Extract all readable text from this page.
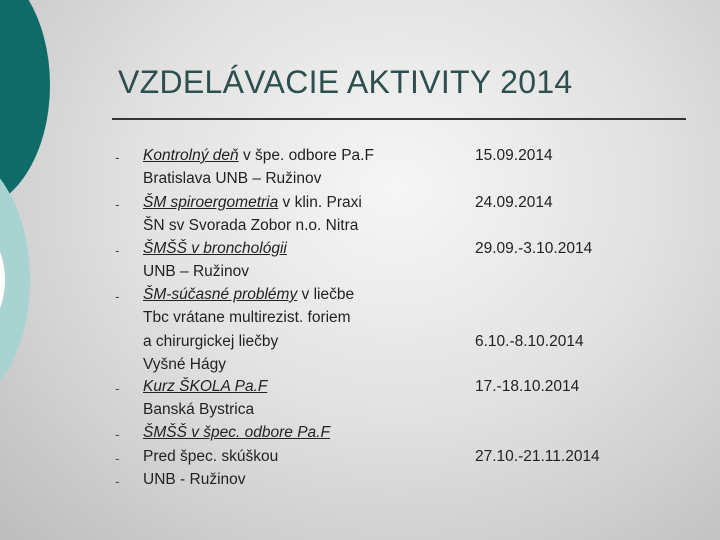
VZDELÁVACIE AKTIVITY 2014
- Kontrolný deň v špe. odbore Pa.F	15.09.2014
Bratislava UNB – Ružinov
- ŠM spiroergometria v klin. Praxi	24.09.2014
ŠN sv Svorada Zobor n.o. Nitra
- ŠMŠŠ v bronchológii	29.09.-3.10.2014
UNB – Ružinov
- ŠM-súčasné problémy v liečbe
Tbc vrátane multirezist. foriem
a chirurgickej liečby	6.10.-8.10.2014
Vyšné Hágy
- Kurz ŠKOLA Pa.F	17.-18.10.2014
Banská Bystrica
- ŠMŠŠ v špec. odbore Pa.F
- Pred špec. skúškou	27.10.-21.11.2014
- UNB - Ružinov
